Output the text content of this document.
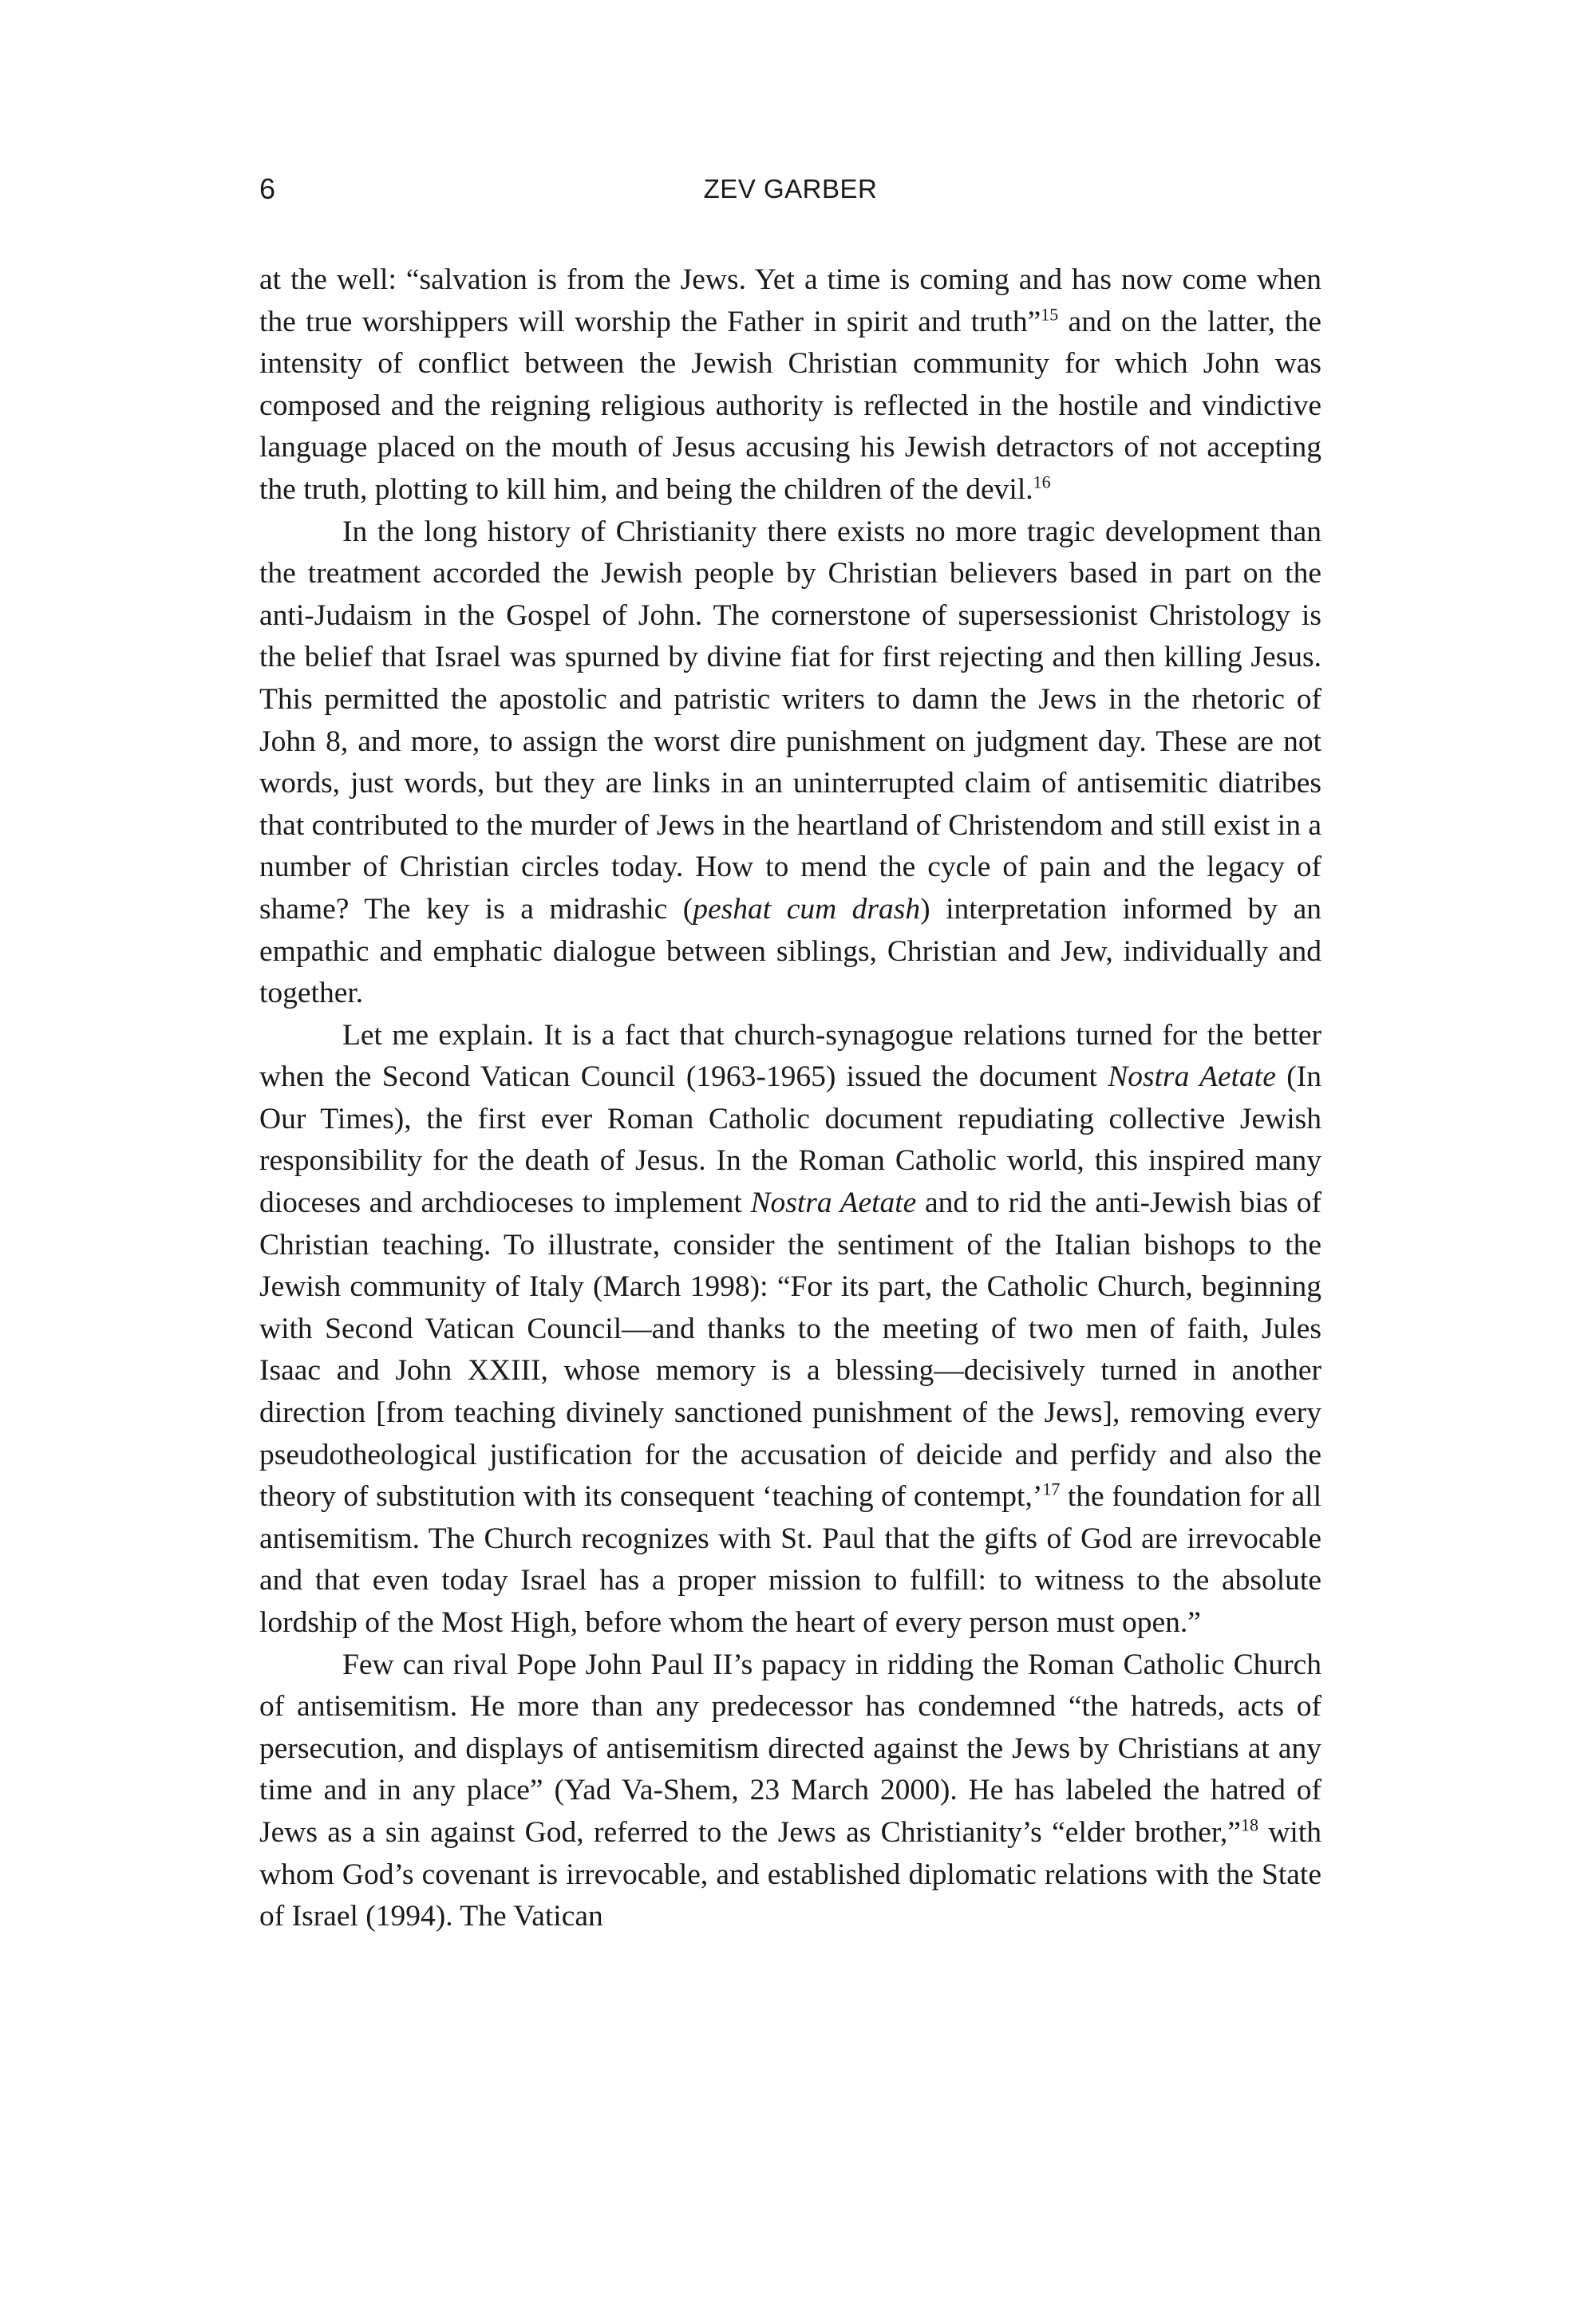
6	ZEV GARBER

at the well: “salvation is from the Jews. Yet a time is coming and has now come when the true worshippers will worship the Father in spirit and truth”$^{15}$ and on the latter, the intensity of conflict between the Jewish Christian community for which John was composed and the reigning religious authority is reflected in the hostile and vindictive language placed on the mouth of Jesus accusing his Jewish detractors of not accepting the truth, plotting to kill him, and being the children of the devil.$^{16}$

In the long history of Christianity there exists no more tragic development than the treatment accorded the Jewish people by Christian believers based in part on the anti-Judaism in the Gospel of John. The cornerstone of supersessionist Christology is the belief that Israel was spurned by divine fiat for first rejecting and then killing Jesus. This permitted the apostolic and patristic writers to damn the Jews in the rhetoric of John 8, and more, to assign the worst dire punishment on judgment day. These are not words, just words, but they are links in an uninterrupted claim of antisemitic diatribes that contributed to the murder of Jews in the heartland of Christendom and still exist in a number of Christian circles today. How to mend the cycle of pain and the legacy of shame? The key is a midrashic (peshat cum drash) interpretation informed by an empathic and emphatic dialogue between siblings, Christian and Jew, individually and together.

Let me explain. It is a fact that church-synagogue relations turned for the better when the Second Vatican Council (1963-1965) issued the document Nostra Aetate (In Our Times), the first ever Roman Catholic document repudiating collective Jewish responsibility for the death of Jesus. In the Roman Catholic world, this inspired many dioceses and archdioceses to implement Nostra Aetate and to rid the anti-Jewish bias of Christian teaching. To illustrate, consider the sentiment of the Italian bishops to the Jewish community of Italy (March 1998): “For its part, the Catholic Church, beginning with Second Vatican Council—and thanks to the meeting of two men of faith, Jules Isaac and John XXIII, whose memory is a blessing—decisively turned in another direction [from teaching divinely sanctioned punishment of the Jews], removing every pseudotheological justification for the accusation of deicide and perfidy and also the theory of substitution with its consequent ‘teaching of contempt,’$^{17}$ the foundation for all antisemitism. The Church recognizes with St. Paul that the gifts of God are irrevocable and that even today Israel has a proper mission to fulfill: to witness to the absolute lordship of the Most High, before whom the heart of every person must open.”

Few can rival Pope John Paul II’s papacy in ridding the Roman Catholic Church of antisemitism. He more than any predecessor has condemned “the hatreds, acts of persecution, and displays of antisemitism directed against the Jews by Christians at any time and in any place” (Yad Va-Shem, 23 March 2000). He has labeled the hatred of Jews as a sin against God, referred to the Jews as Christianity’s “elder brother,”$^{18}$ with whom God’s covenant is irrevocable, and established diplomatic relations with the State of Israel (1994). The Vatican
